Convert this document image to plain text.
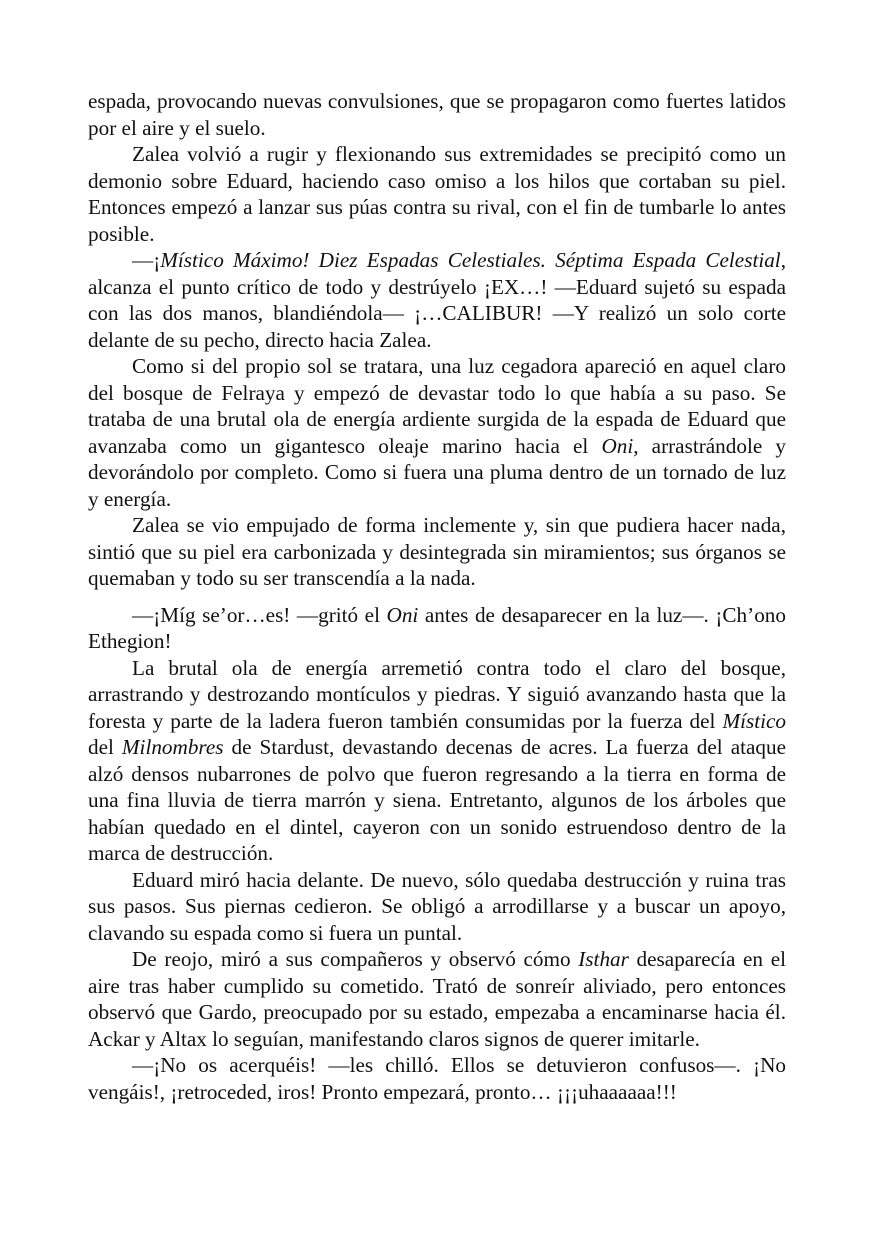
espada, provocando nuevas convulsiones, que se propagaron como fuertes latidos por el aire y el suelo.

Zalea volvió a rugir y flexionando sus extremidades se precipitó como un demonio sobre Eduard, haciendo caso omiso a los hilos que cortaban su piel. Entonces empezó a lanzar sus púas contra su rival, con el fin de tumbarle lo antes posible.

—¡Místico Máximo! Diez Espadas Celestiales. Séptima Espada Celestial, alcanza el punto crítico de todo y destrúyelo ¡EX…! —Eduard sujetó su espada con las dos manos, blandiéndola— ¡…CALIBUR! —Y realizó un solo corte delante de su pecho, directo hacia Zalea.

Como si del propio sol se tratara, una luz cegadora apareció en aquel claro del bosque de Felraya y empezó de devastar todo lo que había a su paso. Se trataba de una brutal ola de energía ardiente surgida de la espada de Eduard que avanzaba como un gigantesco oleaje marino hacia el Oni, arrastrándole y devorándolo por completo. Como si fuera una pluma dentro de un tornado de luz y energía.

Zalea se vio empujado de forma inclemente y, sin que pudiera hacer nada, sintió que su piel era carbonizada y desintegrada sin miramientos; sus órganos se quemaban y todo su ser transcendía a la nada.

—¡Míg se’or…es! —gritó el Oni antes de desaparecer en la luz—. ¡Ch’ono Ethegion!

La brutal ola de energía arremetió contra todo el claro del bosque, arrastrando y destrozando montículos y piedras. Y siguió avanzando hasta que la foresta y parte de la ladera fueron también consumidas por la fuerza del Místico del Milnombres de Stardust, devastando decenas de acres. La fuerza del ataque alzó densos nubarrones de polvo que fueron regresando a la tierra en forma de una fina lluvia de tierra marrón y siena. Entretanto, algunos de los árboles que habían quedado en el dintel, cayeron con un sonido estruendoso dentro de la marca de destrucción.

Eduard miró hacia delante. De nuevo, sólo quedaba destrucción y ruina tras sus pasos. Sus piernas cedieron. Se obligó a arrodillarse y a buscar un apoyo, clavando su espada como si fuera un puntal.

De reojo, miró a sus compañeros y observó cómo Isthar desaparecía en el aire tras haber cumplido su cometido. Trató de sonreír aliviado, pero entonces observó que Gardo, preocupado por su estado, empezaba a encaminarse hacia él. Ackar y Altax lo seguían, manifestando claros signos de querer imitarle.

—¡No os acerquéis! —les chilló. Ellos se detuvieron confusos—. ¡No vengáis!, ¡retroceded, iros! Pronto empezará, pronto… ¡¡¡uhaaaaaa!!!
